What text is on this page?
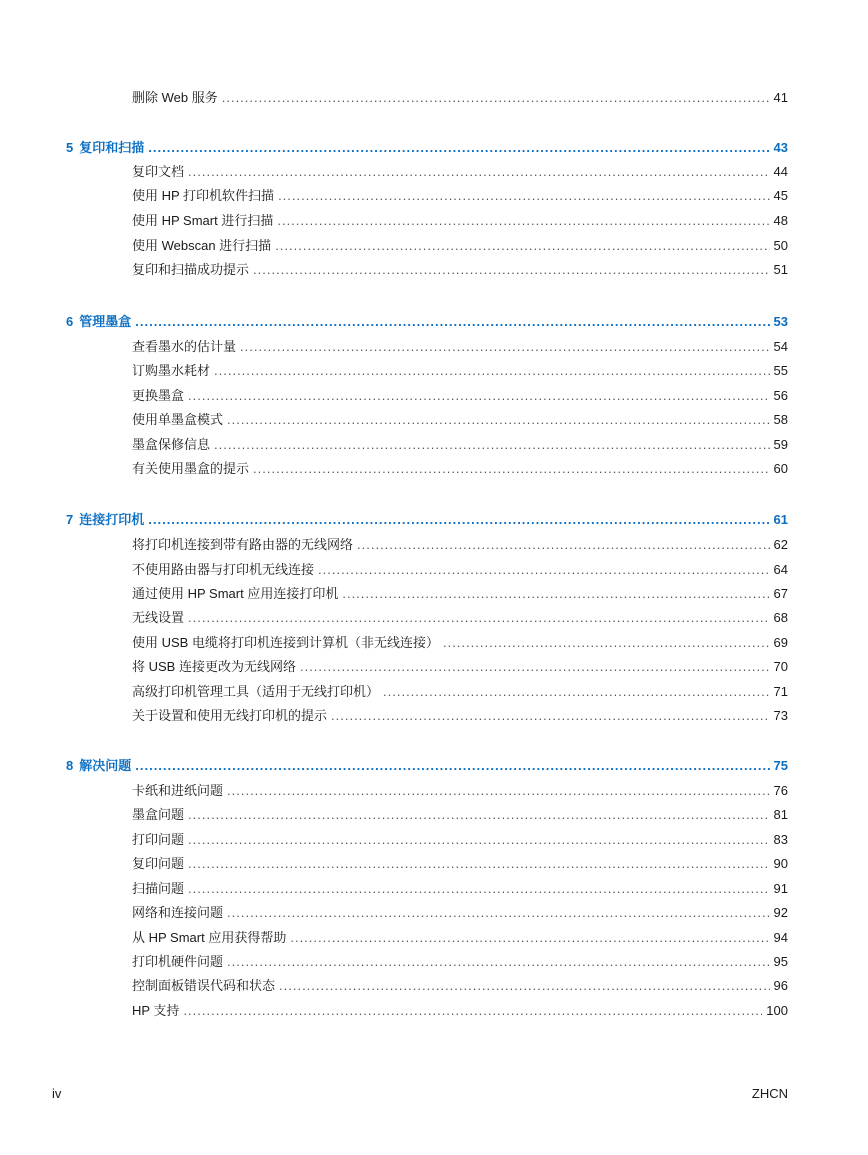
删除 Web 服务 .....	41
5 复印和扫描 .....	43
复印文档 .....	44
使用 HP 打印机软件扫描 .....	45
使用 HP Smart 进行扫描 .....	48
使用 Webscan 进行扫描 .....	50
复印和扫描成功提示 .....	51
6 管理墨盒 .....	53
查看墨水的估计量 .....	54
订购墨水耗材 .....	55
更换墨盒 .....	56
使用单墨盒模式 .....	58
墨盒保修信息 .....	59
有关使用墨盒的提示 .....	60
7 连接打印机 .....	61
将打印机连接到带有路由器的无线网络 .....	62
不使用路由器与打印机无线连接 .....	64
通过使用 HP Smart 应用连接打印机 .....	67
无线设置 .....	68
使用 USB 电缆将打印机连接到计算机（非无线连接） .....	69
将 USB 连接更改为无线网络 .....	70
高级打印机管理工具（适用于无线打印机） .....	71
关于设置和使用无线打印机的提示 .....	73
8 解决问题 .....	75
卡纸和进纸问题 .....	76
墨盒问题 .....	81
打印问题 .....	83
复印问题 .....	90
扫描问题 .....	91
网络和连接问题 .....	92
从 HP Smart 应用获得帮助 .....	94
打印机硬件问题 .....	95
控制面板错误代码和状态 .....	96
HP 支持 .....	100
iv	ZHCN
